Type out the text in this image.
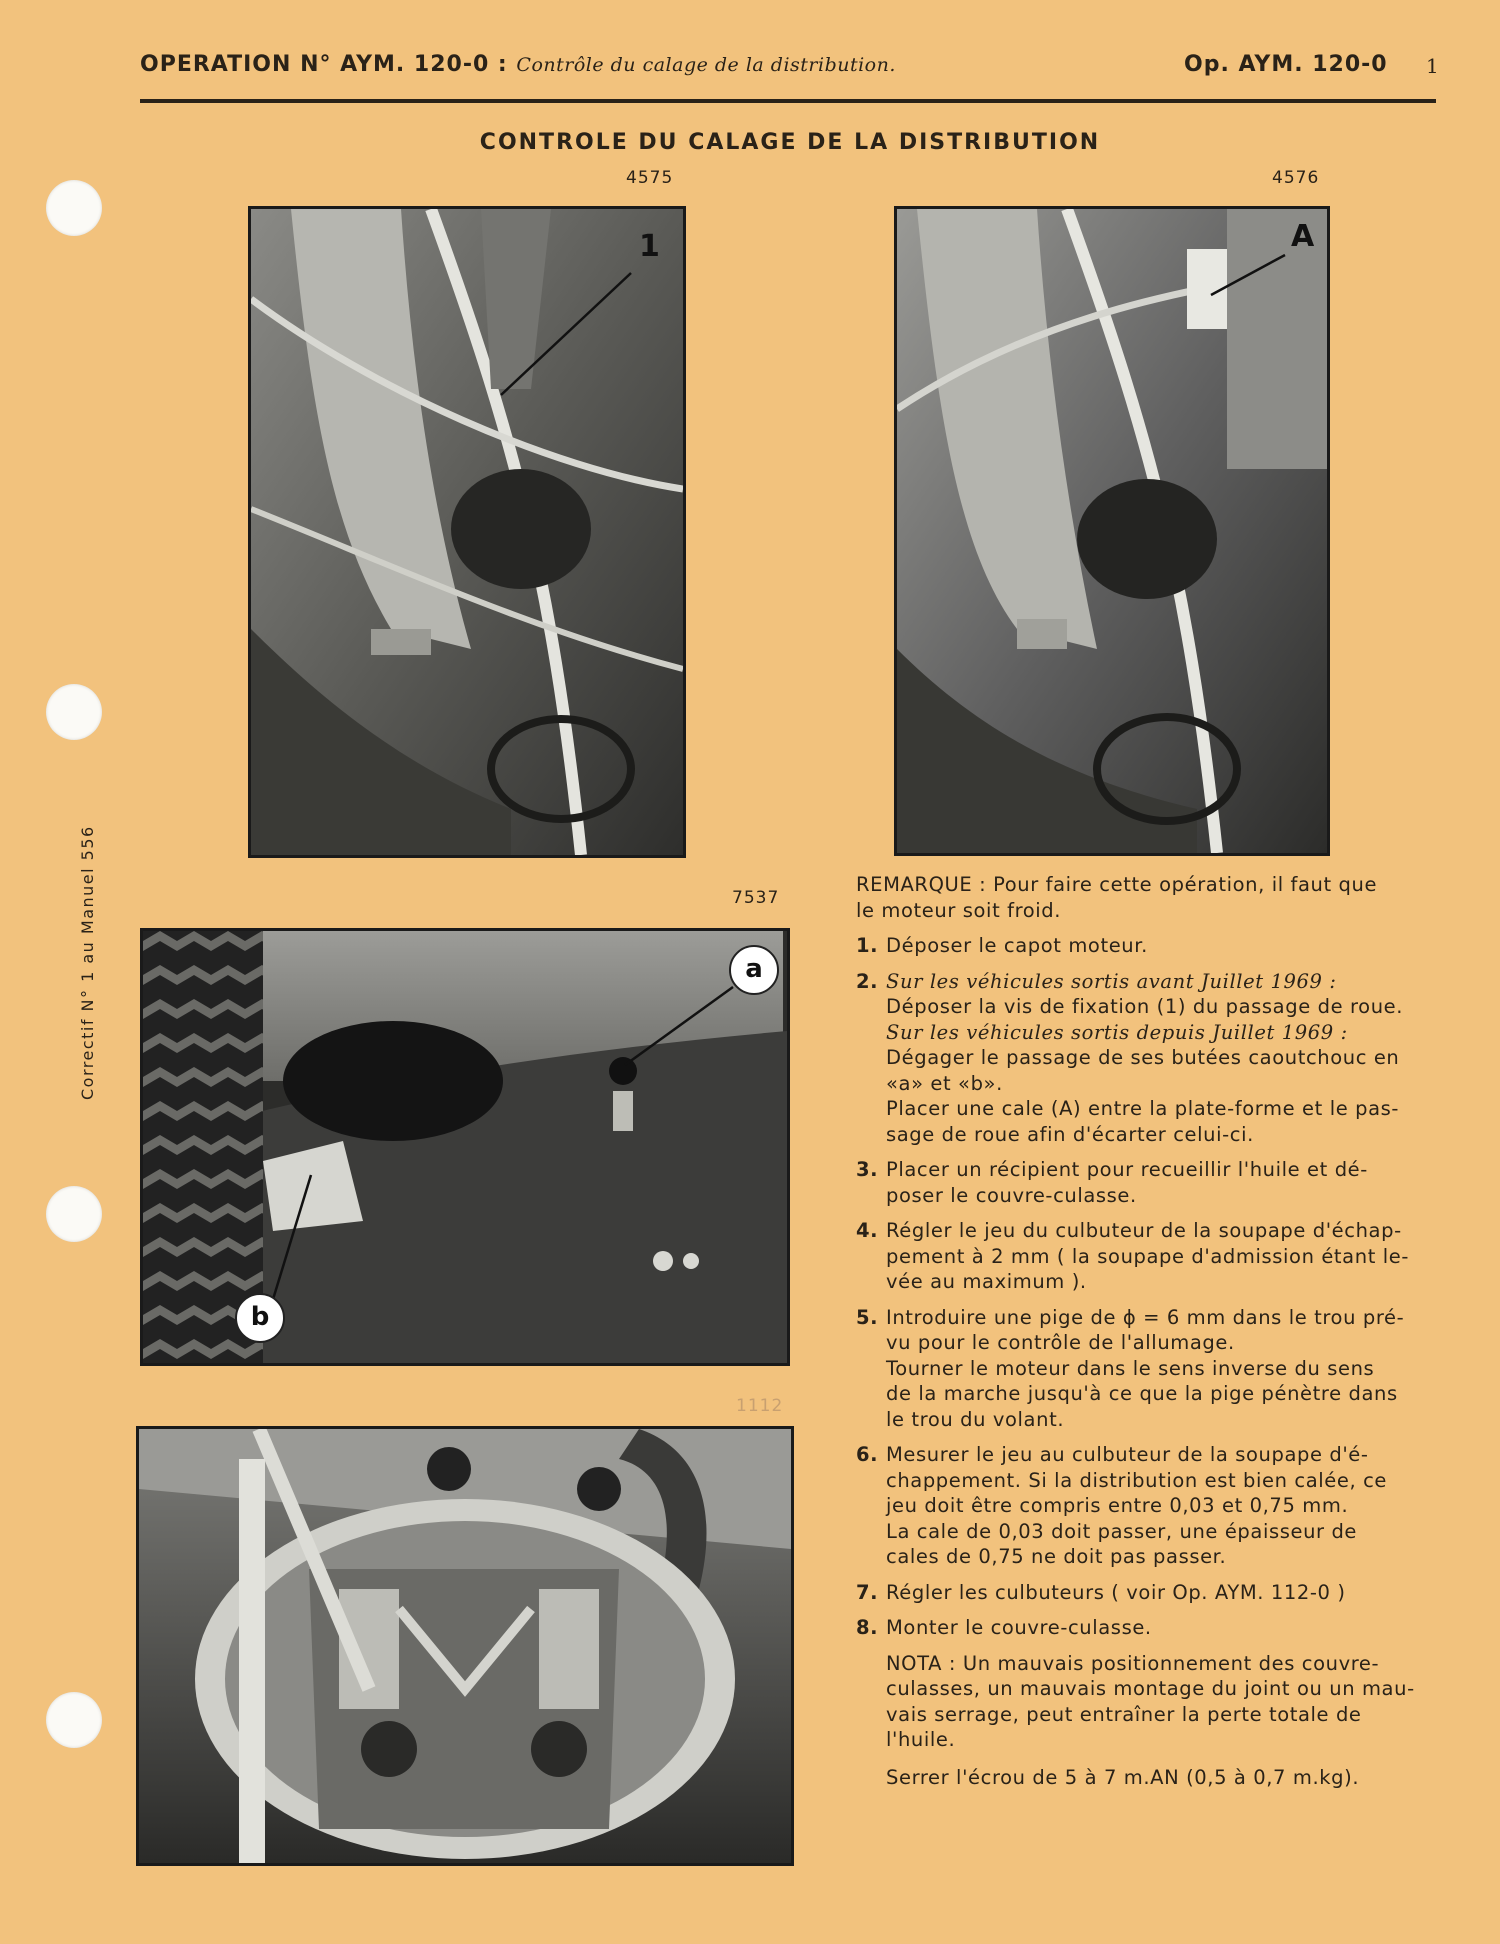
OPERATION N° AYM. 120-0 : Contrôle du calage de la distribution.	Op. AYM. 120-0 1
CONTROLE DU CALAGE DE LA DISTRIBUTION
Correctif N° 1 au Manuel 556
4575	4576
7537
1112
1	A
a
b
REMARQUE : Pour faire cette opération, il faut que
le moteur soit froid.
1. Déposer le capot moteur.
2. Sur les véhicules sortis avant Juillet 1969 :
Déposer la vis de fixation (1) du passage de roue.
Sur les véhicules sortis depuis Juillet 1969 :
Dégager le passage de ses butées caoutchouc en
«a» et «b».
Placer une cale (A) entre la plate-forme et le pas-
sage de roue afin d'écarter celui-ci.
3. Placer un récipient pour recueillir l'huile et dé-
poser le couvre-culasse.
4. Régler le jeu du culbuteur de la soupape d'échap-
pement à 2 mm ( la soupape d'admission étant le-
vée au maximum ).
5. Introduire une pige de ϕ = 6 mm dans le trou pré-
vu pour le contrôle de l'allumage.
Tourner le moteur dans le sens inverse du sens
de la marche jusqu'à ce que la pige pénètre dans
le trou du volant.
6. Mesurer le jeu au culbuteur de la soupape d'é-
chappement. Si la distribution est bien calée, ce
jeu doit être compris entre 0,03 et 0,75 mm.
La cale de 0,03 doit passer, une épaisseur de
cales de 0,75 ne doit pas passer.
7. Régler les culbuteurs ( voir Op. AYM. 112-0 )
8. Monter le couvre-culasse.
NOTA : Un mauvais positionnement des couvre-
culasses, un mauvais montage du joint ou un mau-
vais serrage, peut entraîner la perte totale de
l'huile.
Serrer l'écrou de 5 à 7 m.AN (0,5 à 0,7 m.kg).
